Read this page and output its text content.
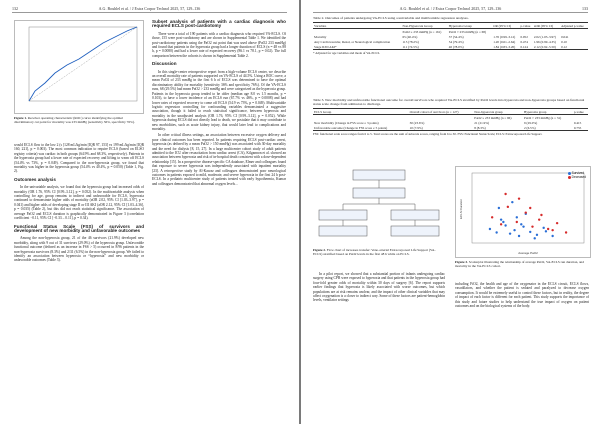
132	A.G. Bouhlel et al. / J Extra Corpor Technol 2025, 57, 129–136
Figure 1. Receiver operating characteristic (ROC) curve identifying the optimal discriminatory cut point for mortality was 233 mmHg (sensitivity 36%, specificity 76%).

would ECLS flow to the low 2 (s [128 mL/kg/min [IQR 97, 153] vs 199 mL/kg/min [IQR 160, 221], p = 0.003). The most common indication to require ECLS (based on ELSO registry criteria) was cardiac in both groups (64.9% and 68.3%, respectively). Patients in the hyperoxia group had a lower rate of expected recovery and lifting to wean off ECLS (54.4% vs 73%, p = 0.049). Compared to the non-hyperoxia group, we found that mortality was higher in the hyperoxia group (54.4% vs 40.4%, p = 0.050) (Table 1, Fig. 2).

Outcomes analysis

In the univariable analysis, we found that the hyperoxia group had increased odds of mortality (OR 1.76, 95% CI [0.99–3.12], p = 0.052). In the multivariable analysis when controlling for age, group remains to indirect and unfavorable for ECLS, hyperoxia continued to demonstrate higher odds of mortality (aOR 2.02, 95% CI [1.03–3.97], p = 0.041) and higher odds of developing stage II or III AKI (aOR 2.12, 95% CI [1.03–4.36], p = 0.035) (Table 2), but this did not reach statistical significance. The association of average PaO2 and ECLS duration is graphically demonstrated in Figure 3 (correlation coefficient −0.11, 95% CI [−0.33 – 0.11], p = 0.34).

Functional Status Scale (FSS) of survivors and development of new morbidity and unfavorable outcomes

Among the non-hyperoxia group, 21 of the 46 survivors (21.9%) developed new morbidity, along with 9 out of 31 survivors (29.0%) of the hyperoxia group. Unfavorable functional outcome (defined as an increase in FSS > 5) occurred in 8/96 patients in the non-hyperoxia survivors (8.3%) and 2/31 (6.5%) in the non-hyperoxia group. We failed to identify an association between hyperoxia or “hyperoxia” and new morbidity or unfavorable outcomes (Table 3).

Subset analysis of patients with a cardiac diagnosis who required ECLS post-cardiotomy

There were a total of 190 patients with a cardiac diagnosis who required VA-ECLS. Of those, 155 were post-cardiotomy and are shown in Supplemental Table 1. We identified the post-cardiotomy patients using the PaO2 cut point that was used above (PaO2 233 mmHg) and found that patients in the hyperoxia group had a longer duration of ECLS (n = 48 vs 88 h, p = 0.0080) and had a lower rate of expected recovery (86.1 vs 78.1, p = 0.02). The full comparison between the cohorts is shown in Supplemental Table 2.

Discussion

In this single-center retrospective report from a high-volume ECLS center, we describe an overall mortality rate of patients supported on VA-ECLS of 44.5%. Using a ROC curve, a mean PaO2 of 233 mmHg in the first 6 h of ECLS was determined to have the optimal discriminatory ability for mortality (sensitivity 36% and specificity 76%). Of the VA-ECLS runs, 68 (29.5%) had mean PaO2 > 233 mmHg and were categorized as the hyperoxia group. Patients in the hyperoxia group tended to be older (median age 8.0 vs 1.5 months, p = 0.103), to have a lower incidence of an ECLS run (67.7% vs 46%, p = 0.0008) and had lower rates of expected recovery to come off ECLS (54.9 vs 73%, p = 0.049). Multivariable logistic regression controlling for confounding variables demonstrated a suggestive association, though it failed to reach statistical significance, between hyperoxia and mortality in the unadjusted analysis (OR 1.76, 95% CI [0.99–3.12], p = 0.052). While hyperoxia during ECLS did not directly lead to death, we postulate that it may contribute to new morbidities, such as acute kidney injury, that would later lead to complications and mortality.

In other critical illness settings, an association between excessive oxygen delivery and poor clinical outcomes has been reported. In patients requiring ECLS post-cardiac arrest, hyperoxia (as defined by a mean PaO2 > 150 mmHg) was associated with 30-day mortality and the need for dialysis [8, 15, 27]. In a large multicenter cohort study of adult patients admitted to the ICU after resuscitation from cardiac arrest (CA), Kilgannon et al. showed an association between hyperoxia and risk of in-hospital death consistent with a dose-dependent relationship [15]. In a prospective disease-specific CA database, Elmer and colleagues found that exposure to severe hyperoxia was independently associated with inpatient mortality [23]. A retrospective study by Al-Kawaz and colleagues demonstrated poor neurological outcomes in patients exposed to mild, moderate, and severe hyperoxia in the first 24 h post-ECLS. In a pediatric multicenter study of patients treated with early hypothermia, Kumar and colleagues demonstrated that abnormal oxygen levels...

A.G. Bouhlel et al. / J Extra Corpor Technol 2025, 57, 129–136	133
Table 2. Outcomes of patients undergoing VA-ECLS using a univariable and multivariable regression analyses.
Variables	Non-Hyperoxia Group	Hyperoxia Group	OR (95% CI)	p-value	aOR (95% CI)	Adjusted p-value
	PaO2 ≤ 233 mmHg (n = 161)	PaO2 > 233 mmHg (n = 68)				
Mortality	65 (40.4%)	37 (54.4%)	1.76 (0.99–3.12)	0.052	2.02 (1.03–3.97)	0.041
Any Cardiovascular, Renal, or Neurological complication	115 (78.2%)	54 (79.4%)	1.20 (0.61–2.64)	0.474	1.96 (0.99–4.35)	0.10
Stage II/III AKI*	111 (74.5%)	40 (78.0%)	1.84 (0.83–3.20)	0.124	2.12 (0.92–5.50)	0.12
* Adjusted for age variables and mode of VA-ECLS.
Table 3. New morbidity and unfavorable functional outcome for overall survivors who required VA-ECLS stratified by PaO2 levels into hyperoxia and non-hyperoxia groups based on functional status scale change from admission to discharge.
ECLS Group	Overall cohort of survivors (n = 127)	Non-hyperoxia group	Hyperoxia group	p-value
		PaO2 ≤ 233 mmHg (n = 96)	PaO2 > 233 mmHg (n = 31)	
New morbidity (Change in FSS score ≥ 3 points)	30 (23.6%)	21 (21.9%)	9 (29.0%)	0.415
Unfavorable outcome (Change in FSS score ≥ 5 points)	10 (7.9%)	8 (8.3%)	2 (6.5%)	0.755
FSS: functional scale score ranges from 6 to 5. Total scores are the sum of subscale scores, ranging from 6 to 30. FSS: Functional Status Scale; ECLS: Extracorporeal Life Support.
Figure 2. Flow chart of increases transfer: Veno-arterial Extracorporeal Life Support (VA-ECLS) stratified based on PaO2 levels in the first 48 h while on ECLS.	Average PaO2
ECLS Duration
Survived
Deceased
Figure 3. Scatterplot illustrating the relationship of average PaO2, VA-ECLS run duration, and mortality in the VA-ECLS cohort.

In a pilot report, we showed that a substantial portion of infants undergoing cardiac surgery using CPB were exposed to hyperoxia and that patients in the hyperoxia group had four-fold greater odds of mortality within 30 days of surgery [6]. The report supports earlier findings that hyperoxia is likely associated with worse outcomes, but which populations are at risk remains unclear, and the impact of other clinical variables that may affect oxygenation is a closer to indirect way. Some of these factors are patient-hemoglobin levels, ventilator settings

including FiO2, the health and age of the oxygenator in the ECLS circuit, ECLS flows, vasodilators, and whether the patient is sedated and paralyzed to decrease oxygen consumption. It would be extremely useful to control these factors, but in reality, the degree of impact of each factor is different for each patient. This study supports the importance of this study and future studies to help understand the true impact of oxygen on patient outcomes and on the biological systems of the body.
